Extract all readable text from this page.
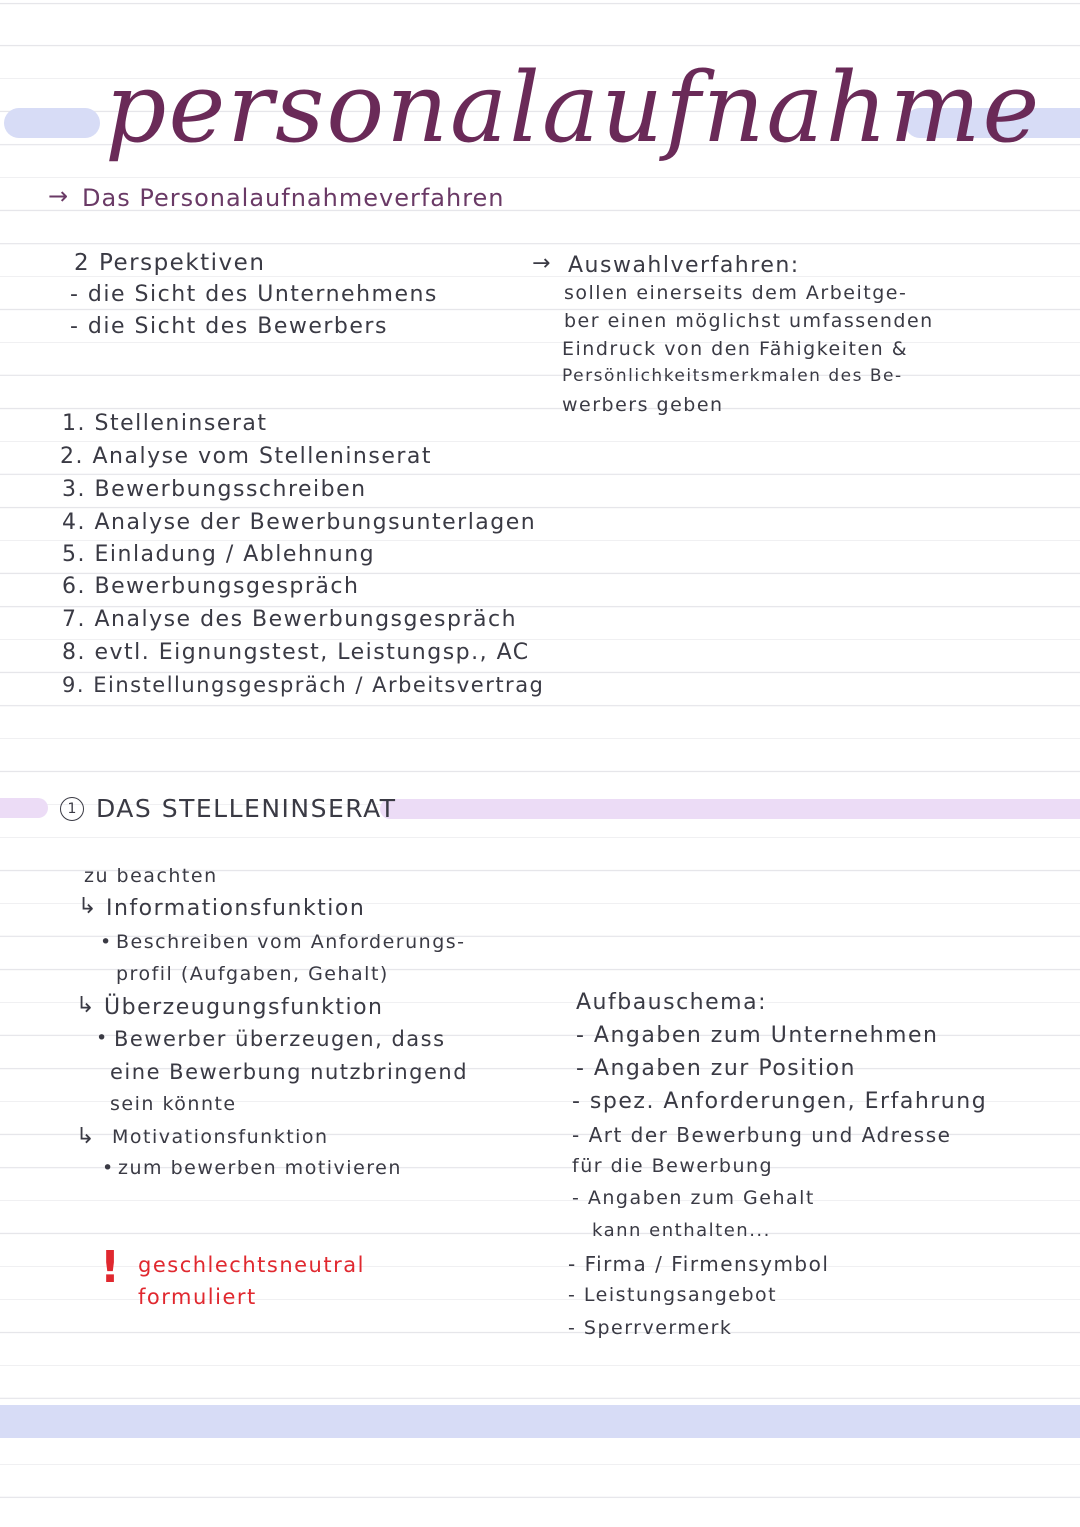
personalaufnahme
→ Das Personalaufnahmeverfahren
2 Perspektiven
- die Sicht des Unternehmens
- die Sicht des Bewerbers
→ Auswahlverfahren:
sollen einerseits dem Arbeitge-
ber einen möglichst umfassenden
Eindruck von den Fähigkeiten &
Persönlichkeitsmerkmalen des Be-
werbers geben
1. Stelleninserat
2. Analyse vom Stelleninserat
3. Bewerbungsschreiben
4. Analyse der Bewerbungsunterlagen
5. Einladung / Ablehnung
6. Bewerbungsgespräch
7. Analyse des Bewerbungsgespräch
8. evtl. Eignungstest, Leistungsp., AC
9. Einstellungsgespräch / Arbeitsvertrag
1 DAS STELLENINSERAT
zu beachten
↳ Informationsfunktion
• Beschreiben vom Anforderungs-
profil (Aufgaben, Gehalt)
↳ Überzeugungsfunktion
• Bewerber überzeugen, dass
eine Bewerbung nutzbringend
sein könnte
↳ Motivationsfunktion
• zum bewerben motivieren
! geschlechtsneutral
formuliert
Aufbauschema:
- Angaben zum Unternehmen
- Angaben zur Position
- spez. Anforderungen, Erfahrung
- Art der Bewerbung und Adresse
für die Bewerbung
- Angaben zum Gehalt
kann enthalten...
- Firma / Firmensymbol
- Leistungsangebot
- Sperrvermerk
